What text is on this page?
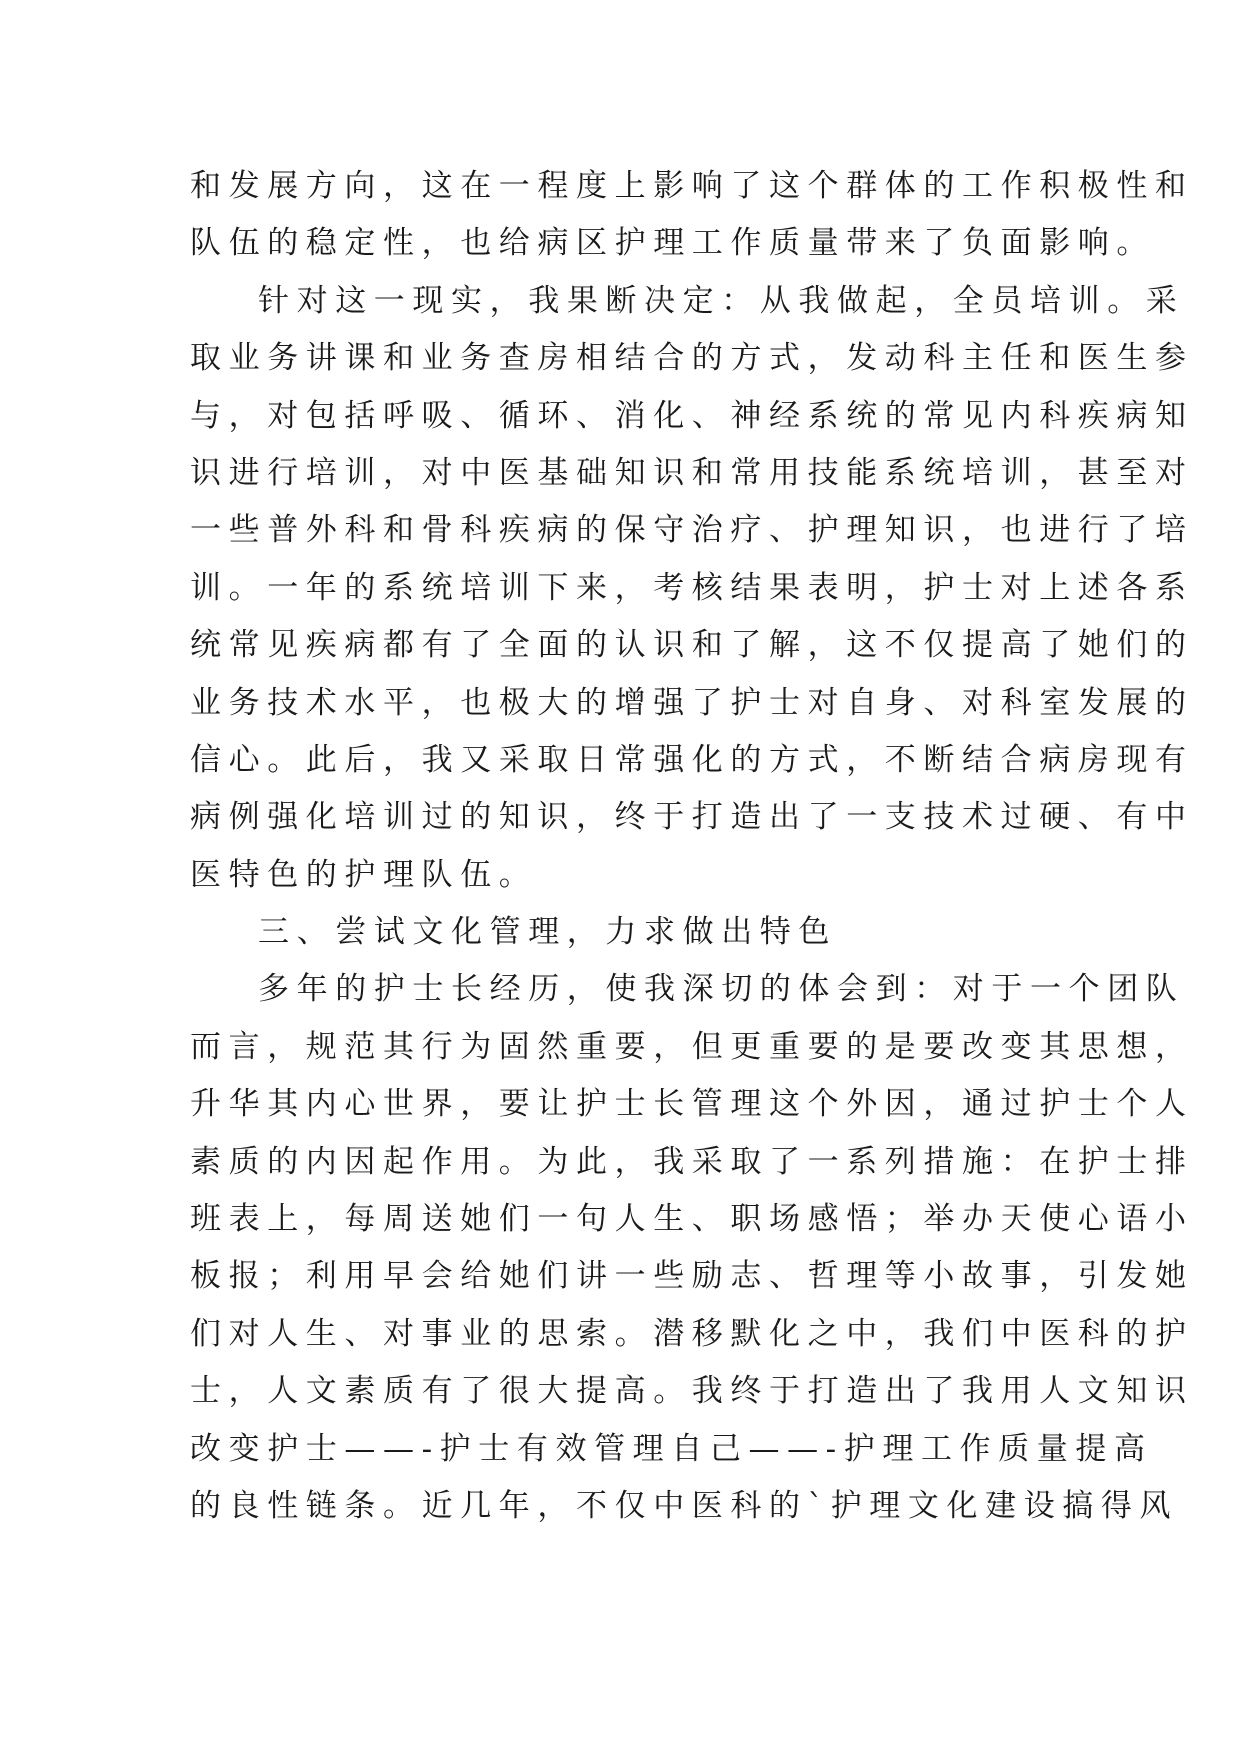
和发展方向，这在一程度上影响了这个群体的工作积极性和
队伍的稳定性，也给病区护理工作质量带来了负面影响。
针对这一现实，我果断决定：从我做起，全员培训。采
取业务讲课和业务查房相结合的方式，发动科主任和医生参
与，对包括呼吸、循环、消化、神经系统的常见内科疾病知
识进行培训，对中医基础知识和常用技能系统培训，甚至对
一些普外科和骨科疾病的保守治疗、护理知识，也进行了培
训。一年的系统培训下来，考核结果表明，护士对上述各系
统常见疾病都有了全面的认识和了解，这不仅提高了她们的
业务技术水平，也极大的增强了护士对自身、对科室发展的
信心。此后，我又采取日常强化的方式，不断结合病房现有
病例强化培训过的知识，终于打造出了一支技术过硬、有中
医特色的护理队伍。
三、尝试文化管理，力求做出特色
多年的护士长经历，使我深切的体会到：对于一个团队
而言，规范其行为固然重要，但更重要的是要改变其思想，
升华其内心世界，要让护士长管理这个外因，通过护士个人
素质的内因起作用。为此，我采取了一系列措施：在护士排
班表上，每周送她们一句人生、职场感悟；举办天使心语小
板报；利用早会给她们讲一些励志、哲理等小故事，引发她
们对人生、对事业的思索。潜移默化之中，我们中医科的护
士，人文素质有了很大提高。我终于打造出了我用人文知识
改变护士——-护士有效管理自己——-护理工作质量提高
的良性链条。近几年，不仅中医科的`护理文化建设搞得风
